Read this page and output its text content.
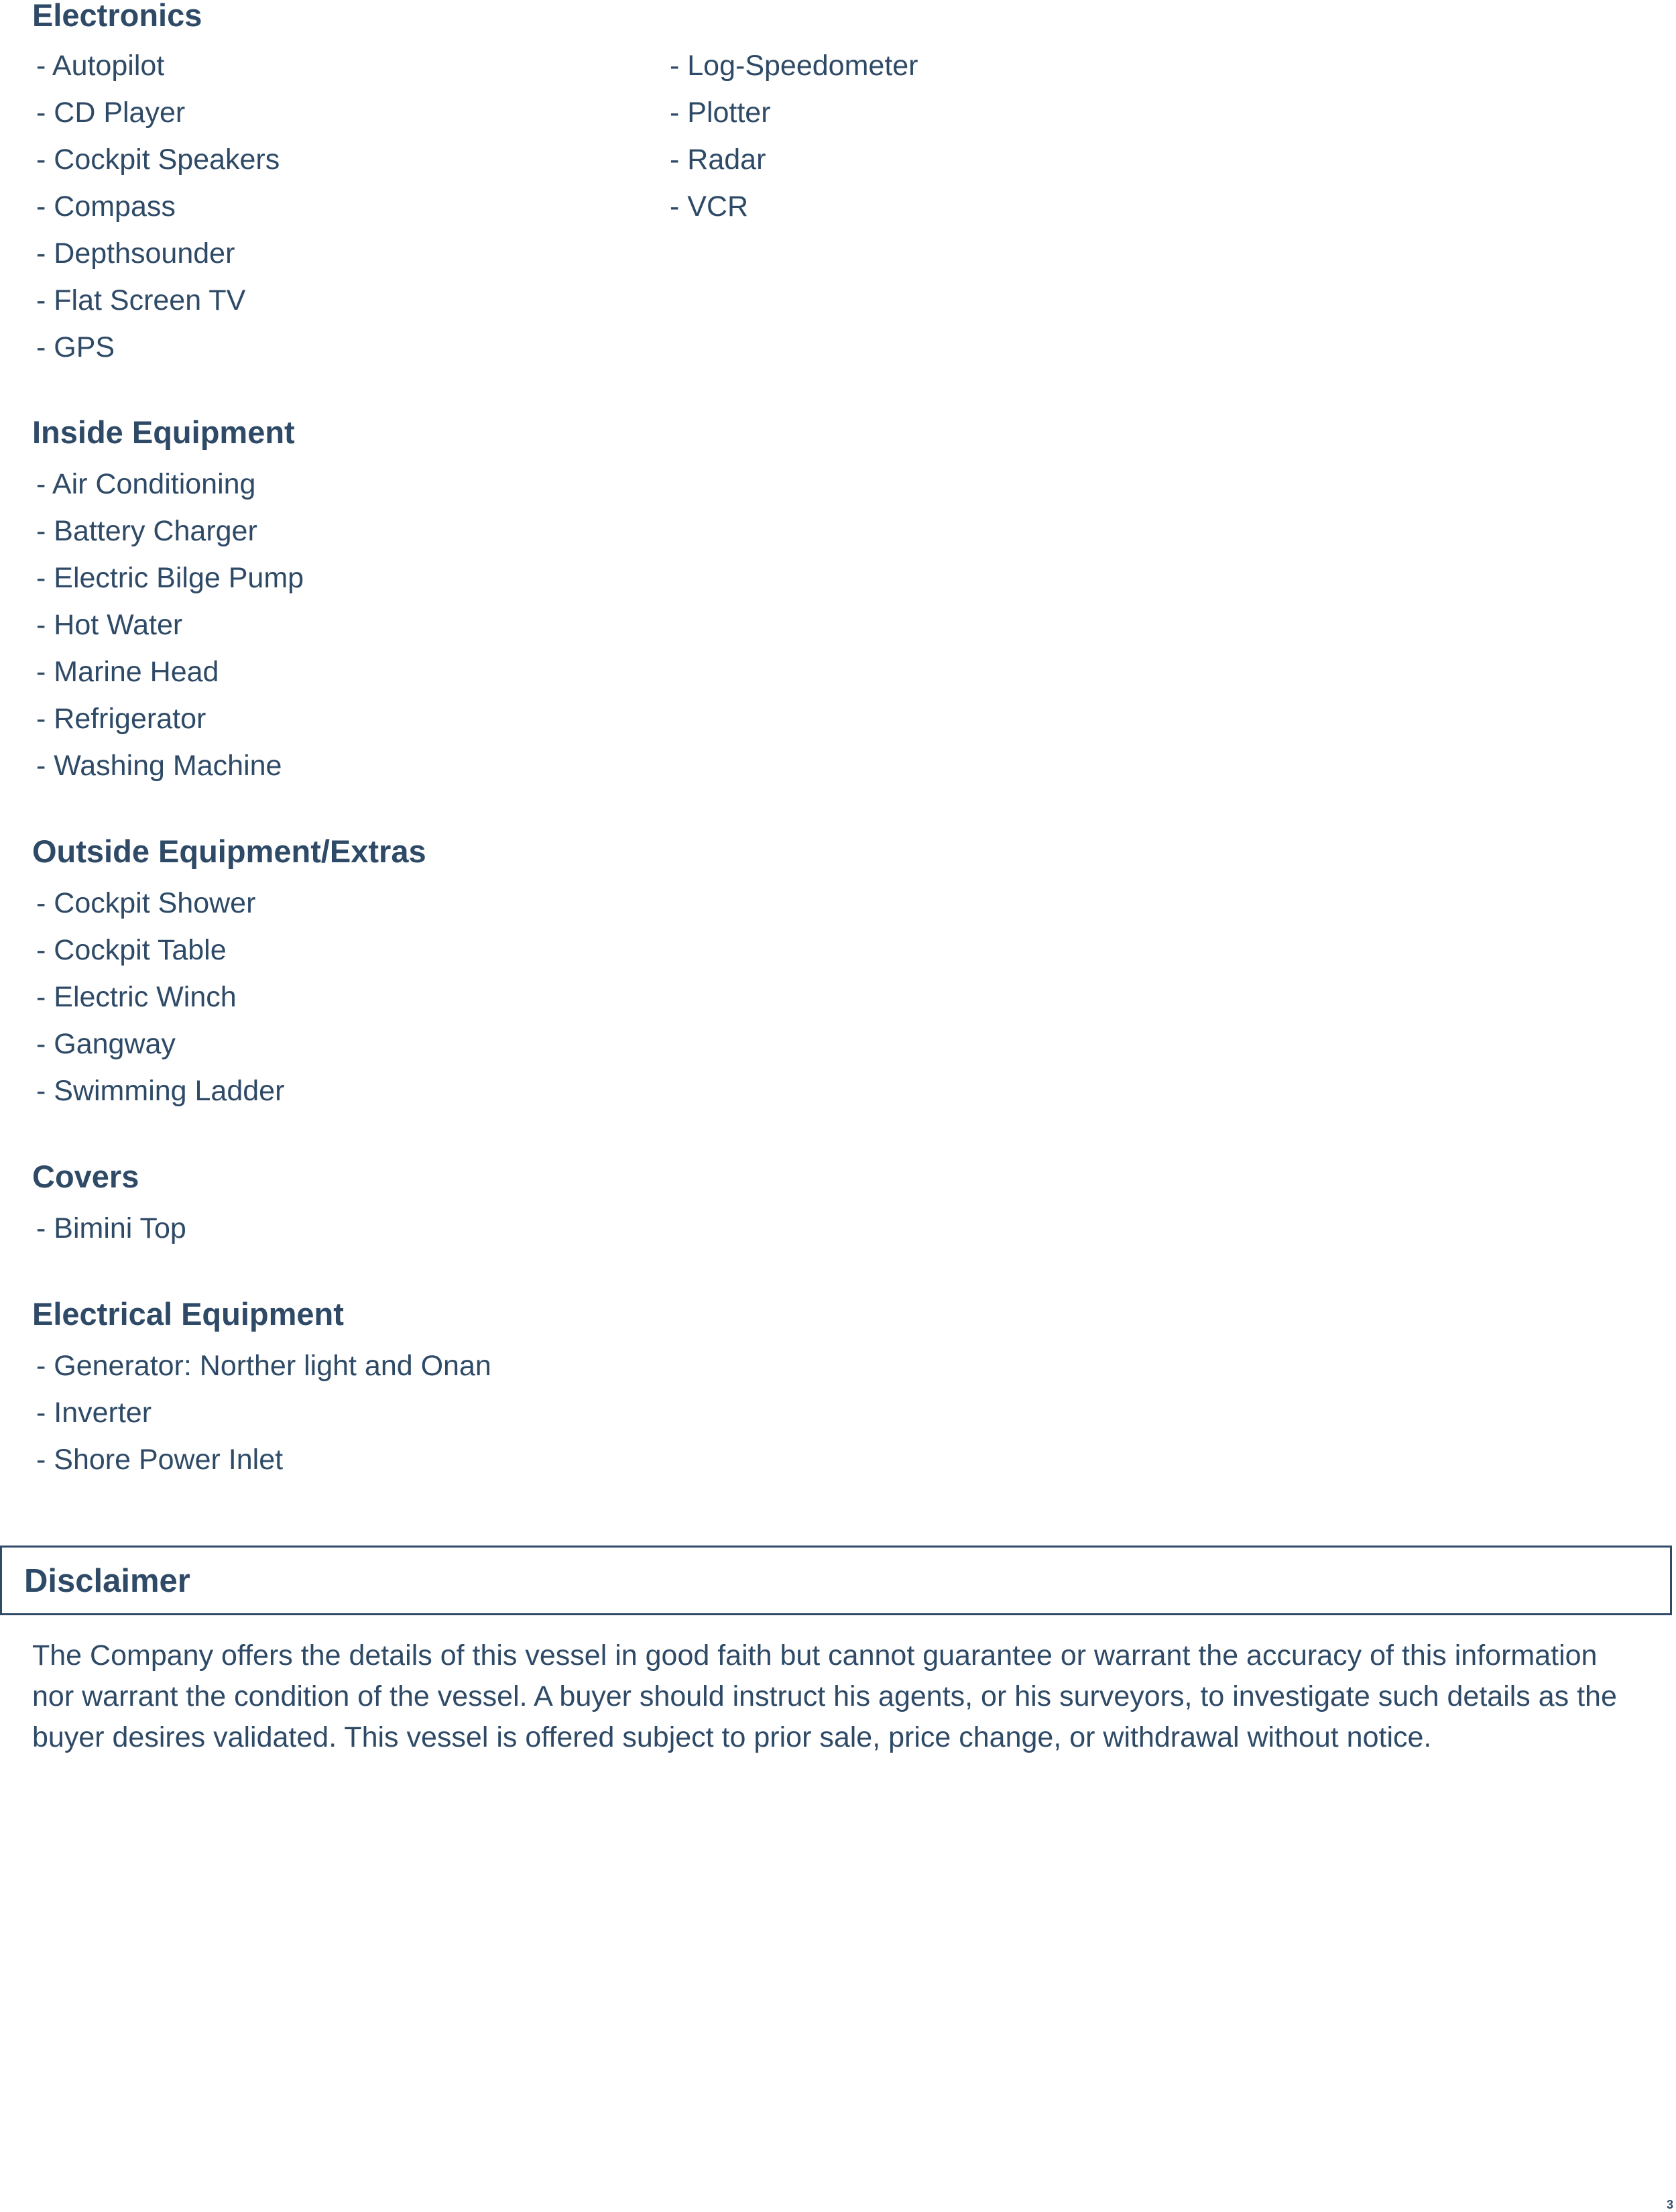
Electronics
- Autopilot
- CD Player
- Cockpit Speakers
- Compass
- Depthsounder
- Flat Screen TV
- GPS
- Log-Speedometer
- Plotter
- Radar
- VCR
Inside Equipment
- Air Conditioning
- Battery Charger
- Electric Bilge Pump
- Hot Water
- Marine Head
- Refrigerator
- Washing Machine
Outside Equipment/Extras
- Cockpit Shower
- Cockpit Table
- Electric Winch
- Gangway
- Swimming Ladder
Covers
- Bimini Top
Electrical Equipment
- Generator: Norther light and Onan
- Inverter
- Shore Power Inlet
Disclaimer
The Company offers the details of this vessel in good faith but cannot guarantee or warrant the accuracy of this information nor warrant the condition of the vessel. A buyer should instruct his agents, or his surveyors, to investigate such details as the buyer desires validated. This vessel is offered subject to prior sale, price change, or withdrawal without notice.
3
